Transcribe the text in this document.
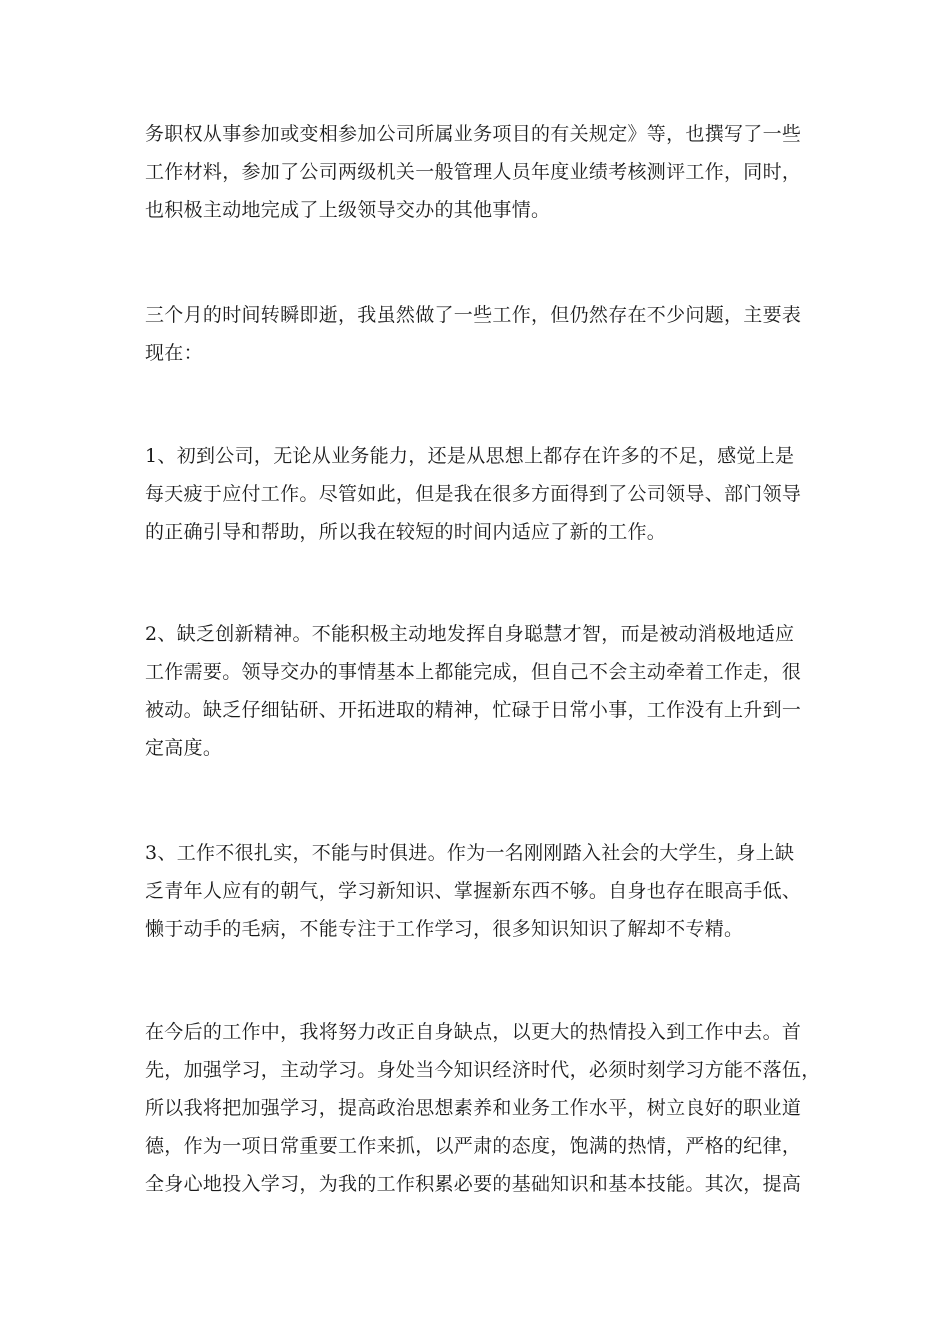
务职权从事参加或变相参加公司所属业务项目的有关规定》等，也撰写了一些
工作材料，参加了公司两级机关一般管理人员年度业绩考核测评工作，同时，
也积极主动地完成了上级领导交办的其他事情。
三个月的时间转瞬即逝，我虽然做了一些工作，但仍然存在不少问题，主要表
现在：
1、初到公司，无论从业务能力，还是从思想上都存在许多的不足，感觉上是
每天疲于应付工作。尽管如此，但是我在很多方面得到了公司领导、部门领导
的正确引导和帮助，所以我在较短的时间内适应了新的工作。
2、缺乏创新精神。不能积极主动地发挥自身聪慧才智，而是被动消极地适应
工作需要。领导交办的事情基本上都能完成，但自己不会主动牵着工作走，很
被动。缺乏仔细钻研、开拓进取的精神，忙碌于日常小事，工作没有上升到一
定高度。
3、工作不很扎实，不能与时俱进。作为一名刚刚踏入社会的大学生，身上缺
乏青年人应有的朝气，学习新知识、掌握新东西不够。自身也存在眼高手低、
懒于动手的毛病，不能专注于工作学习，很多知识知识了解却不专精。
在今后的工作中，我将努力改正自身缺点，以更大的热情投入到工作中去。首
先，加强学习，主动学习。身处当今知识经济时代，必须时刻学习方能不落伍，
所以我将把加强学习，提高政治思想素养和业务工作水平，树立良好的职业道
德，作为一项日常重要工作来抓，以严肃的态度，饱满的热情，严格的纪律，
全身心地投入学习，为我的工作积累必要的基础知识和基本技能。其次，提高
